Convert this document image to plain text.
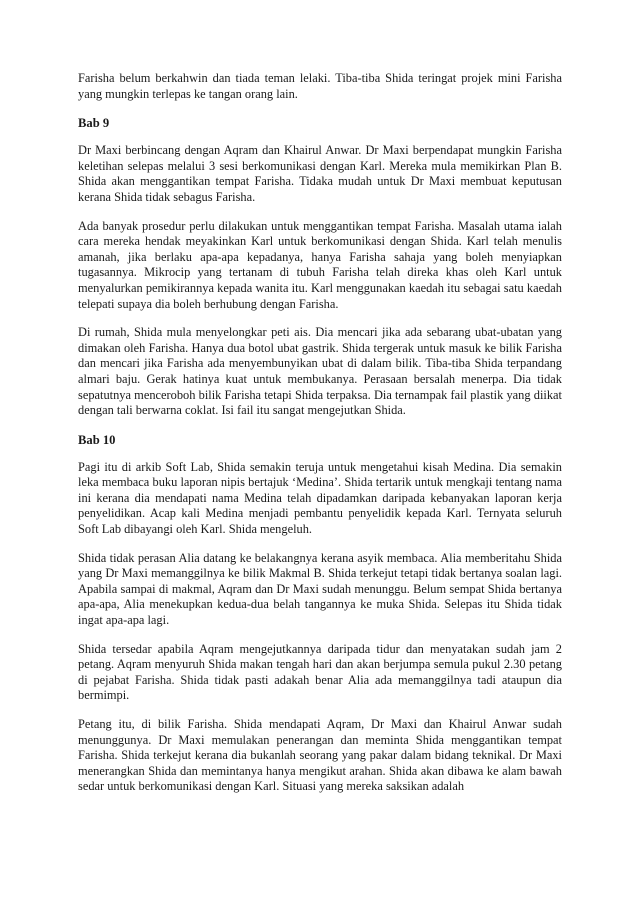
Farisha belum berkahwin dan tiada teman lelaki. Tiba-tiba Shida teringat projek mini Farisha yang mungkin terlepas ke tangan orang lain.

Bab 9

Dr Maxi berbincang dengan Aqram dan Khairul Anwar. Dr Maxi berpendapat mungkin Farisha keletihan selepas melalui 3 sesi berkomunikasi dengan Karl. Mereka mula memikirkan Plan B. Shida akan menggantikan tempat Farisha. Tidaka mudah untuk Dr Maxi membuat keputusan kerana Shida tidak sebagus Farisha.

Ada banyak prosedur perlu dilakukan untuk menggantikan tempat Farisha. Masalah utama ialah cara mereka hendak meyakinkan Karl untuk berkomunikasi dengan Shida. Karl telah menulis amanah, jika berlaku apa-apa kepadanya, hanya Farisha sahaja yang boleh menyiapkan tugasannya. Mikrocip yang tertanam di tubuh Farisha telah direka khas oleh Karl untuk menyalurkan pemikirannya kepada wanita itu. Karl menggunakan kaedah itu sebagai satu kaedah telepati supaya dia boleh berhubung dengan Farisha.

Di rumah, Shida mula menyelongkar peti ais. Dia mencari jika ada sebarang ubat-ubatan yang dimakan oleh Farisha. Hanya dua botol ubat gastrik. Shida tergerak untuk masuk ke bilik Farisha dan mencari jika Farisha ada menyembunyikan ubat di dalam bilik. Tiba-tiba Shida terpandang almari baju. Gerak hatinya kuat untuk membukanya. Perasaan bersalah menerpa. Dia tidak sepatutnya menceroboh bilik Farisha tetapi Shida terpaksa. Dia ternampak fail plastik yang diikat dengan tali berwarna coklat. Isi fail itu sangat mengejutkan Shida.

Bab 10

Pagi itu di arkib Soft Lab, Shida semakin teruja untuk mengetahui kisah Medina. Dia semakin leka membaca buku laporan nipis bertajuk ‘Medina’. Shida tertarik untuk mengkaji tentang nama ini kerana dia mendapati nama Medina telah dipadamkan daripada kebanyakan laporan kerja penyelidikan. Acap kali Medina menjadi pembantu penyelidik kepada Karl. Ternyata seluruh Soft Lab dibayangi oleh Karl. Shida mengeluh.

Shida tidak perasan Alia datang ke belakangnya kerana asyik membaca. Alia memberitahu Shida yang Dr Maxi memanggilnya ke bilik Makmal B. Shida terkejut tetapi tidak bertanya soalan lagi. Apabila sampai di makmal, Aqram dan Dr Maxi sudah menunggu. Belum sempat Shida bertanya apa-apa, Alia menekupkan kedua-dua belah tangannya ke muka Shida. Selepas itu Shida tidak ingat apa-apa lagi.

Shida tersedar apabila Aqram mengejutkannya daripada tidur dan menyatakan sudah jam 2 petang. Aqram menyuruh Shida makan tengah hari dan akan berjumpa semula pukul 2.30 petang di pejabat Farisha. Shida tidak pasti adakah benar Alia ada memanggilnya tadi ataupun dia bermimpi.

Petang itu, di bilik Farisha. Shida mendapati Aqram, Dr Maxi dan Khairul Anwar sudah menunggunya. Dr Maxi memulakan penerangan dan meminta Shida menggantikan tempat Farisha. Shida terkejut kerana dia bukanlah seorang yang pakar dalam bidang teknikal. Dr Maxi menerangkan Shida dan memintanya hanya mengikut arahan. Shida akan dibawa ke alam bawah sedar untuk berkomunikasi dengan Karl. Situasi yang mereka saksikan adalah
